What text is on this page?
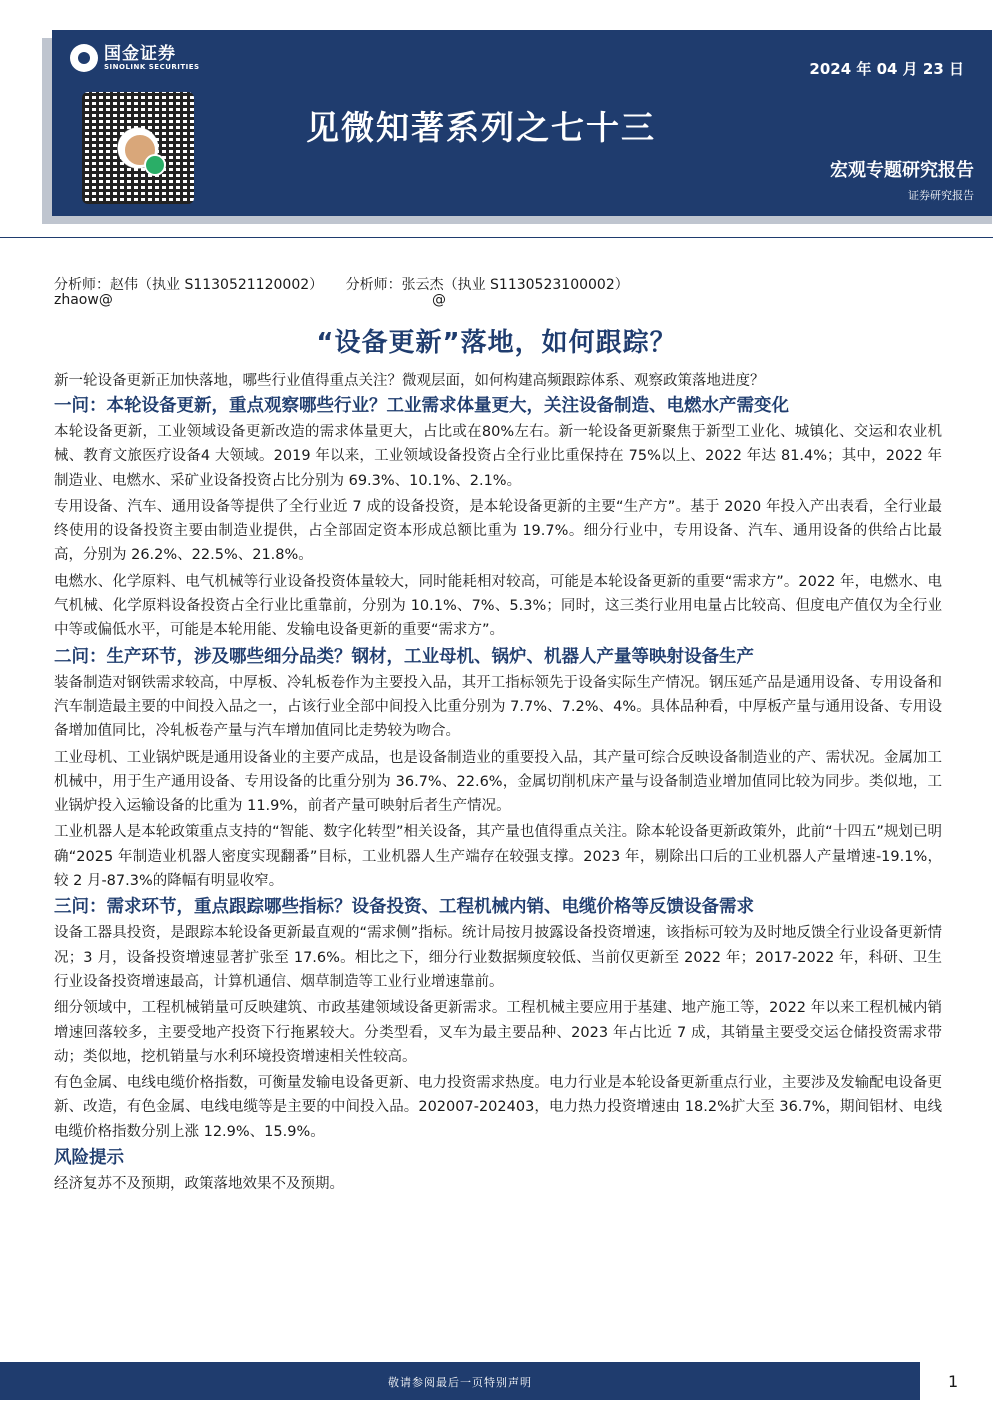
国金证券
SINOLINK SECURITIES	2024 年 04 月 23 日
见微知著系列之七十三
宏观专题研究报告
证券研究报告
分析师：赵伟（执业 S1130521120002） 分析师：张云杰（执业 S1130523100002）
zhaow@	@
“设备更新”落地，如何跟踪？

新一轮设备更新正加快落地，哪些行业值得重点关注？微观层面，如何构建高频跟踪体系、观察政策落地进度？

一问：本轮设备更新，重点观察哪些行业？工业需求体量更大，关注设备制造、电燃水产需变化

本轮设备更新，工业领域设备更新改造的需求体量更大，占比或在80%左右。新一轮设备更新聚焦于新型工业化、城镇化、交运和农业机械、教育文旅医疗设备4 大领域。2019 年以来，工业领域设备投资占全行业比重保持在 75%以上、2022 年达 81.4%；其中，2022 年制造业、电燃水、采矿业设备投资占比分别为 69.3%、10.1%、2.1%。

专用设备、汽车、通用设备等提供了全行业近 7 成的设备投资，是本轮设备更新的主要“生产方”。基于 2020 年投入产出表看，全行业最终使用的设备投资主要由制造业提供，占全部固定资本形成总额比重为 19.7%。细分行业中，专用设备、汽车、通用设备的供给占比最高，分别为 26.2%、22.5%、21.8%。

电燃水、化学原料、电气机械等行业设备投资体量较大，同时能耗相对较高，可能是本轮设备更新的重要“需求方”。2022 年，电燃水、电气机械、化学原料设备投资占全行业比重靠前，分别为 10.1%、7%、5.3%；同时，这三类行业用电量占比较高、但度电产值仅为全行业中等或偏低水平，可能是本轮用能、发输电设备更新的重要“需求方”。

二问：生产环节，涉及哪些细分品类？钢材，工业母机、锅炉、机器人产量等映射设备生产

装备制造对钢铁需求较高，中厚板、冷轧板卷作为主要投入品，其开工指标领先于设备实际生产情况。钢压延产品是通用设备、专用设备和汽车制造最主要的中间投入品之一，占该行业全部中间投入比重分别为 7.7%、7.2%、4%。具体品种看，中厚板产量与通用设备、专用设备增加值同比，冷轧板卷产量与汽车增加值同比走势较为吻合。

工业母机、工业锅炉既是通用设备业的主要产成品，也是设备制造业的重要投入品，其产量可综合反映设备制造业的产、需状况。金属加工机械中，用于生产通用设备、专用设备的比重分别为 36.7%、22.6%，金属切削机床产量与设备制造业增加值同比较为同步。类似地，工业锅炉投入运输设备的比重为 11.9%，前者产量可映射后者生产情况。

工业机器人是本轮政策重点支持的“智能、数字化转型”相关设备，其产量也值得重点关注。除本轮设备更新政策外，此前“十四五”规划已明确“2025 年制造业机器人密度实现翻番”目标，工业机器人生产端存在较强支撑。2023 年，剔除出口后的工业机器人产量增速-19.1%，较 2 月-87.3%的降幅有明显收窄。

三问：需求环节，重点跟踪哪些指标？设备投资、工程机械内销、电缆价格等反馈设备需求

设备工器具投资，是跟踪本轮设备更新最直观的“需求侧”指标。统计局按月披露设备投资增速，该指标可较为及时地反馈全行业设备更新情况；3 月，设备投资增速显著扩张至 17.6%。相比之下，细分行业数据频度较低、当前仅更新至 2022 年；2017-2022 年，科研、卫生行业设备投资增速最高，计算机通信、烟草制造等工业行业增速靠前。

细分领域中，工程机械销量可反映建筑、市政基建领域设备更新需求。工程机械主要应用于基建、地产施工等，2022 年以来工程机械内销增速回落较多，主要受地产投资下行拖累较大。分类型看，叉车为最主要品种、2023 年占比近 7 成，其销量主要受交运仓储投资需求带动；类似地，挖机销量与水利环境投资增速相关性较高。

有色金属、电线电缆价格指数，可衡量发输电设备更新、电力投资需求热度。电力行业是本轮设备更新重点行业，主要涉及发输配电设备更新、改造，有色金属、电线电缆等是主要的中间投入品。202007-202403，电力热力投资增速由 18.2%扩大至 36.7%，期间铝材、电线电缆价格指数分别上涨 12.9%、15.9%。

风险提示

经济复苏不及预期，政策落地效果不及预期。

敬请参阅最后一页特别声明	1
